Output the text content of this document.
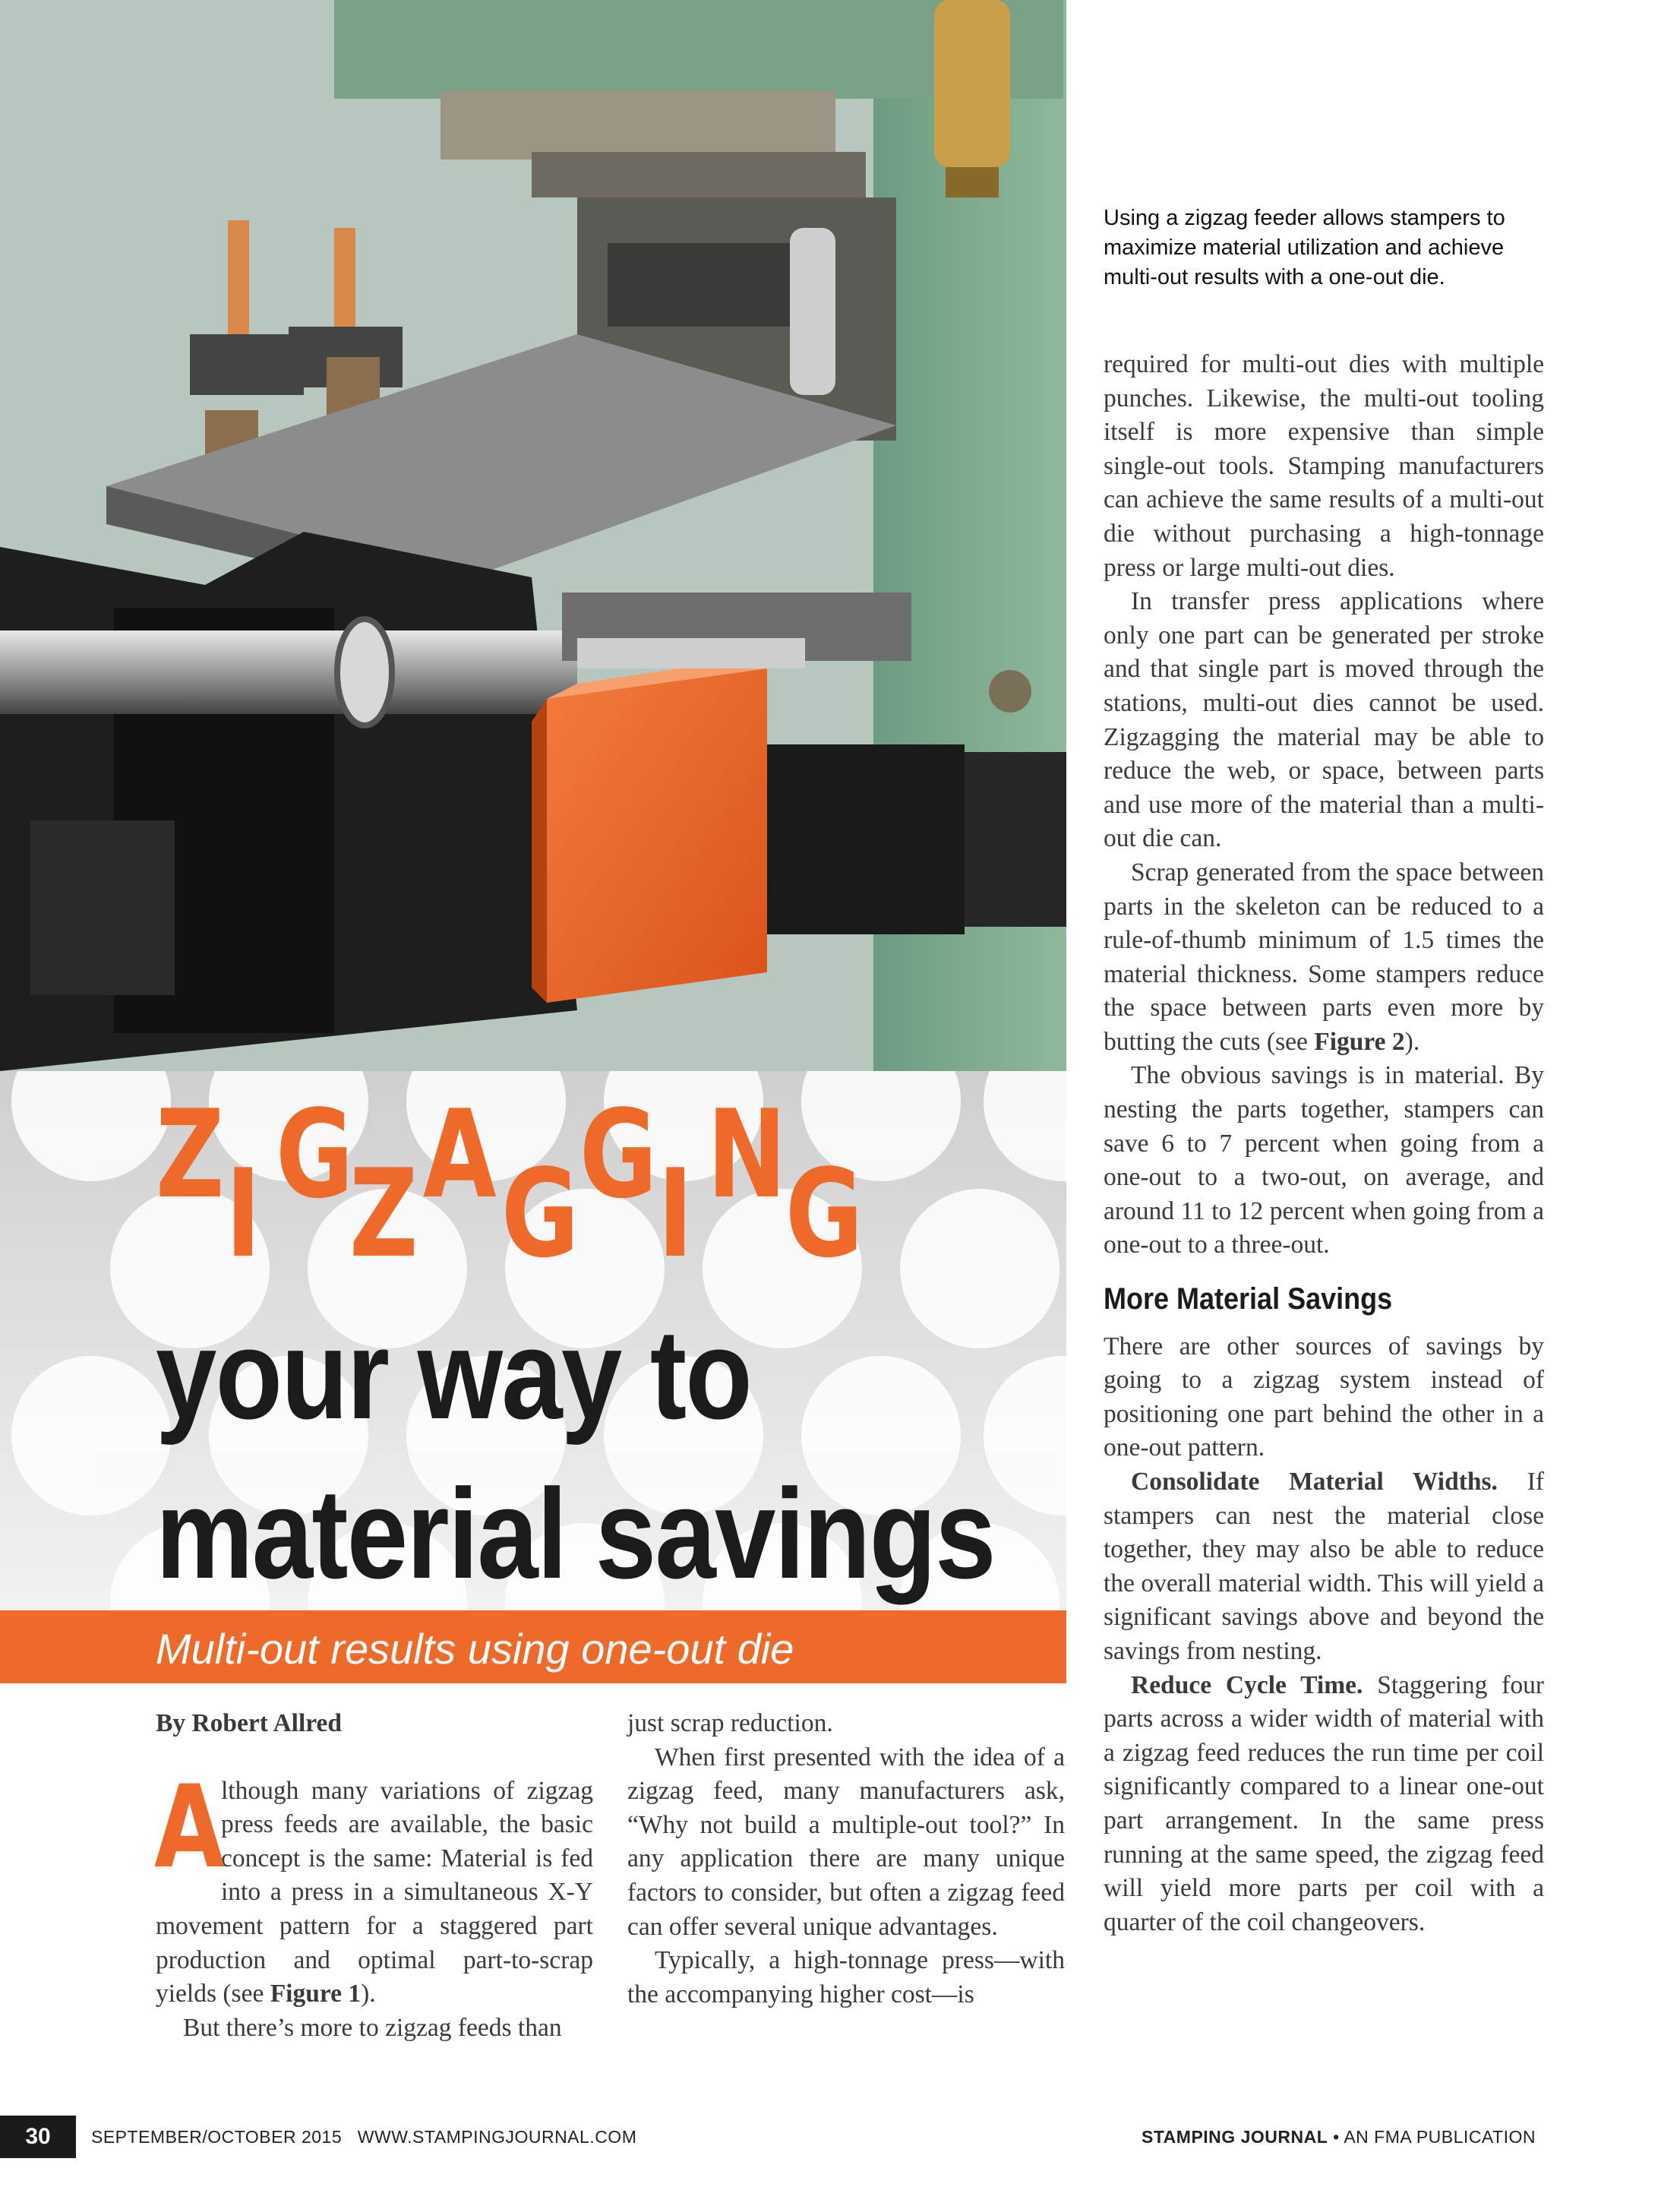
Using a zigzag feeder allows stampers to maximize material utilization and achieve multi-out results with a one-out die.
Z I G
Z A G G I N
G
your way to
material savings
Multi-out results using one-out die

By Robert Allred

A
lthough many variations of zigzag press feeds are available, the basic concept is the same: Material is fed into a press in a simultaneous X-Y movement pattern for a staggered part production and optimal part-to-scrap yields (see Figure 1).

But there’s more to zigzag feeds than

just scrap reduction.

When first presented with the idea of a zigzag feed, many manufacturers ask, “Why not build a multiple-out tool?” In any application there are many unique factors to consider, but often a zigzag feed can offer several unique advantages.

Typically, a high-tonnage press—with the accompanying higher cost—is

required for multi-out dies with multiple punches. Likewise, the multi-out tooling itself is more expensive than simple single-out tools. Stamping manufacturers can achieve the same results of a multi-out die without purchasing a high-tonnage press or large multi-out dies.

In transfer press applications where only one part can be generated per stroke and that single part is moved through the stations, multi-out dies cannot be used. Zigzagging the material may be able to reduce the web, or space, between parts and use more of the material than a multi-out die can.

Scrap generated from the space between parts in the skeleton can be reduced to a rule-of-thumb minimum of 1.5 times the material thickness. Some stampers reduce the space between parts even more by butting the cuts (see Figure 2).

The obvious savings is in material. By nesting the parts together, stampers can save 6 to 7 percent when going from a one-out to a two-out, on average, and around 11 to 12 percent when going from a one-out to a three-out.

More Material Savings

There are other sources of savings by going to a zigzag system instead of positioning one part behind the other in a one-out pattern.

Consolidate Material Widths. If stampers can nest the material close together, they may also be able to reduce the overall material width. This will yield a significant savings above and beyond the savings from nesting.

Reduce Cycle Time. Staggering four parts across a wider width of material with a zigzag feed reduces the run time per coil significantly compared to a linear one-out part arrangement. In the same press running at the same speed, the zigzag feed will yield more parts per coil with a quarter of the coil changeovers.

30	SEPTEMBER/OCTOBER 2015   WWW.STAMPINGJOURNAL.COM	STAMPING JOURNAL • AN FMA PUBLICATION
